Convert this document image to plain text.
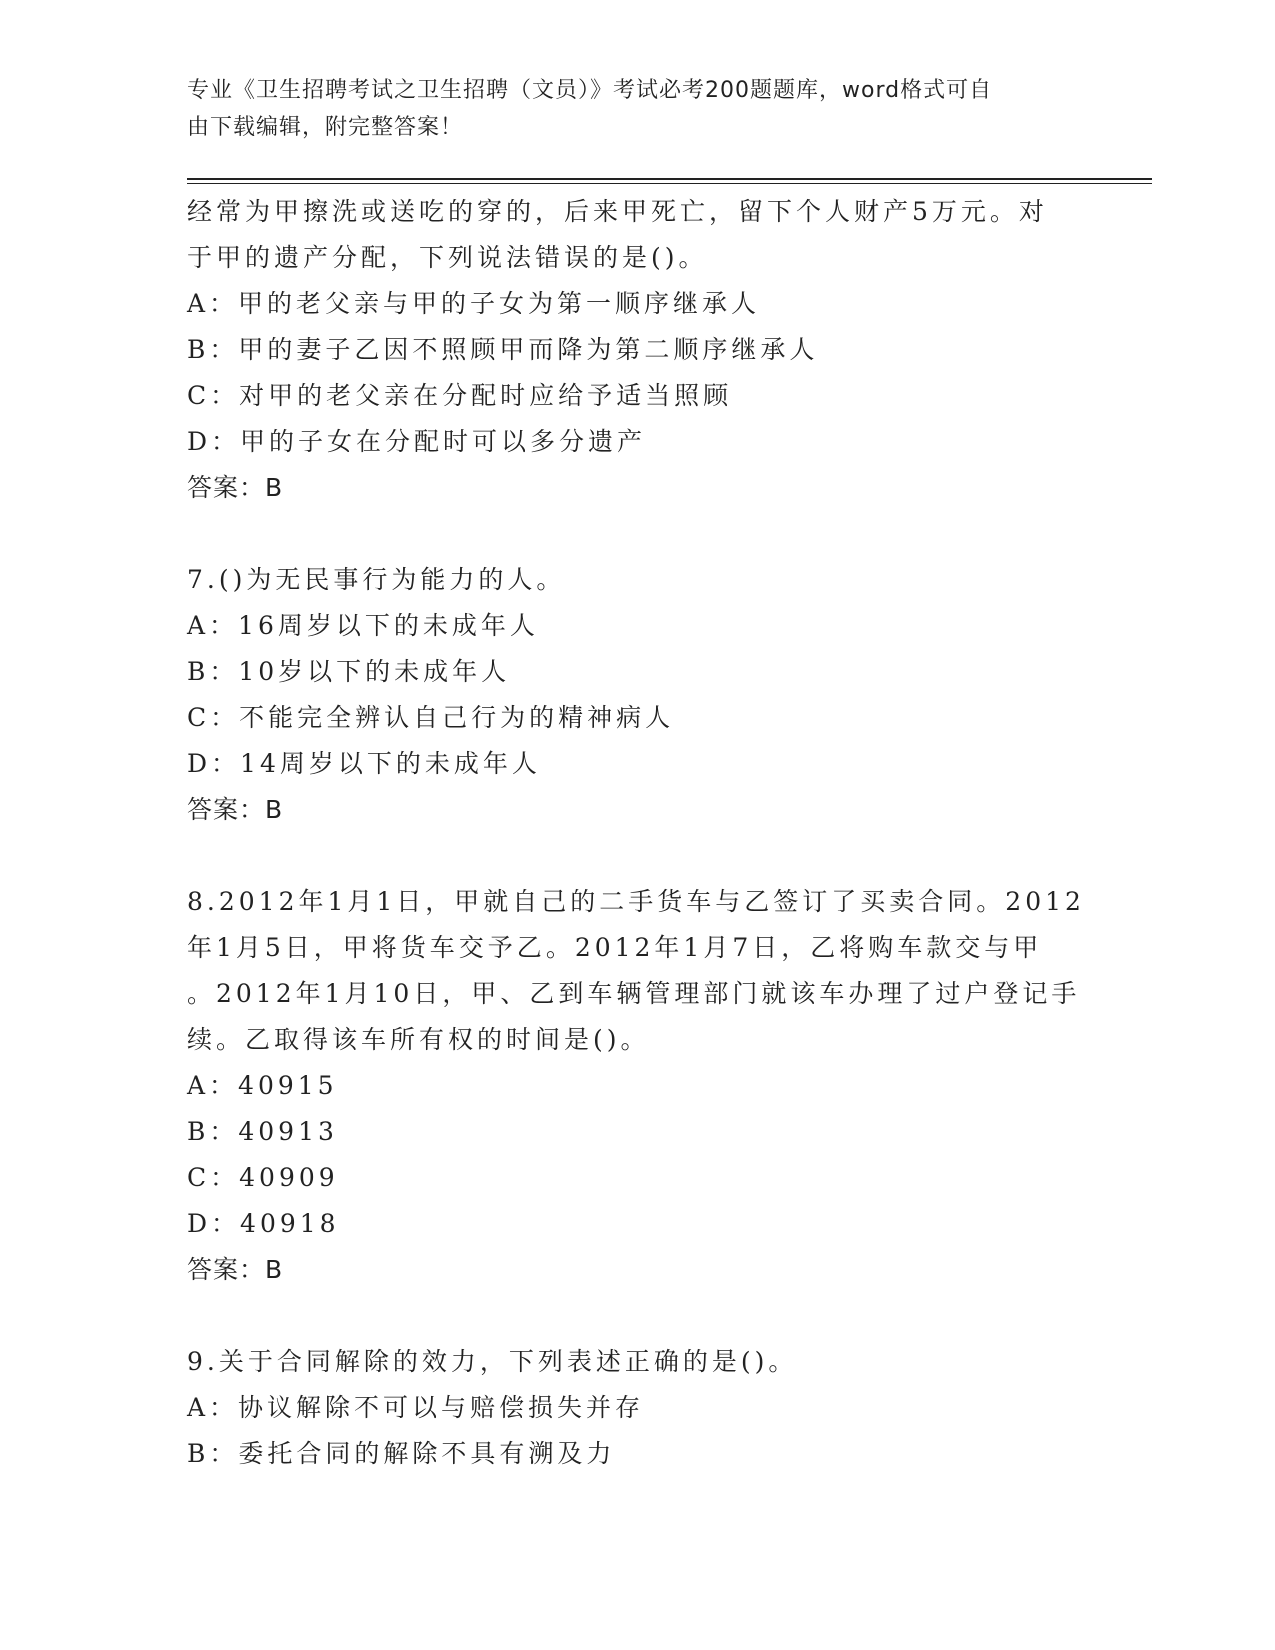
专业《卫生招聘考试之卫生招聘（文员）》考试必考200题题库，word格式可自
由下载编辑，附完整答案！
经常为甲擦洗或送吃的穿的，后来甲死亡，留下个人财产5万元。对
于甲的遗产分配，下列说法错误的是()。
A：甲的老父亲与甲的子女为第一顺序继承人
B：甲的妻子乙因不照顾甲而降为第二顺序继承人
C：对甲的老父亲在分配时应给予适当照顾
D：甲的子女在分配时可以多分遗产
答案：B
7.()为无民事行为能力的人。
A：16周岁以下的未成年人
B：10岁以下的未成年人
C：不能完全辨认自己行为的精神病人
D：14周岁以下的未成年人
答案：B
8.2012年1月1日，甲就自己的二手货车与乙签订了买卖合同。2012
年1月5日，甲将货车交予乙。2012年1月7日，乙将购车款交与甲
。2012年1月10日，甲、乙到车辆管理部门就该车办理了过户登记手
续。乙取得该车所有权的时间是()。
A：40915
B：40913
C：40909
D：40918
答案：B
9.关于合同解除的效力，下列表述正确的是()。
A：协议解除不可以与赔偿损失并存
B：委托合同的解除不具有溯及力
